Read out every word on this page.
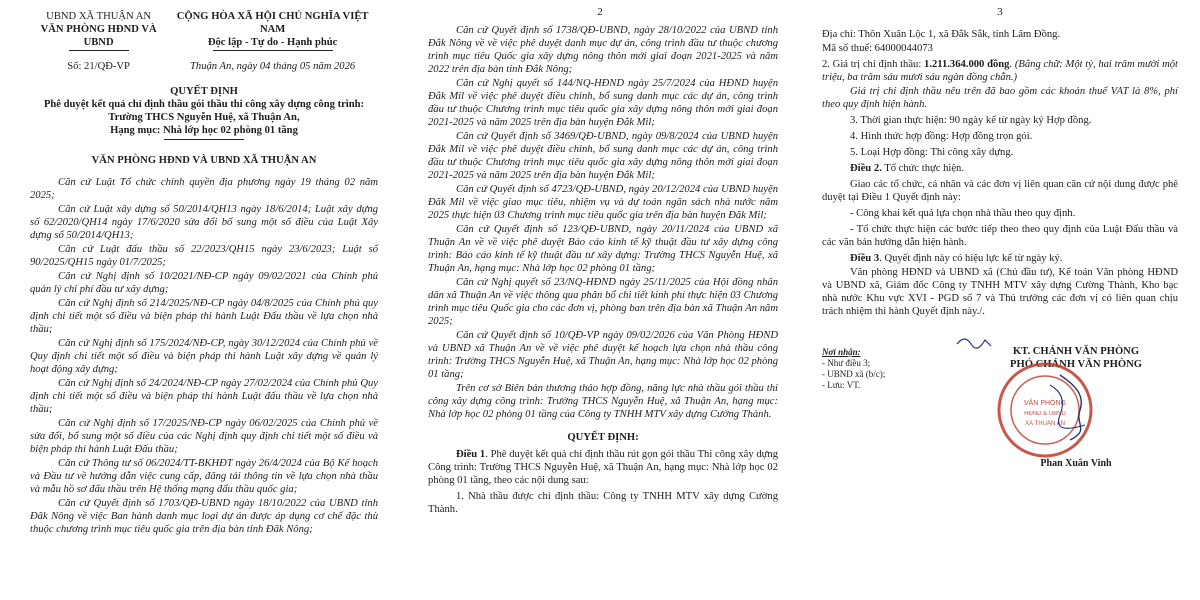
UBND XÃ THUẬN AN
VĂN PHÒNG HĐND VÀ UBND
CỘNG HÒA XÃ HỘI CHỦ NGHĨA VIỆT NAM
Độc lập - Tự do - Hạnh phúc
Số: 21/QĐ-VP	Thuận An, ngày 04 tháng 05 năm 2026
QUYẾT ĐỊNH
Phê duyệt kết quả chỉ định thầu gói thầu thi công xây dựng công trình:
Trường THCS Nguyễn Huệ, xã Thuận An,
Hạng mục: Nhà lớp học 02 phòng 01 tầng
VĂN PHÒNG HĐND VÀ UBND XÃ THUẬN AN

Căn cứ Luật Tổ chức chính quyền địa phương ngày 19 tháng 02 năm 2025;

Căn cứ Luật xây dựng số 50/2014/QH13 ngày 18/6/2014; Luật xây dựng số 62/2020/QH14 ngày 17/6/2020 sửa đổi bổ sung một số điều của Luật Xây dựng số 50/2014/QH13;

Căn cứ Luật đấu thầu số 22/2023/QH15 ngày 23/6/2023; Luật số 90/2025/QH15 ngày 01/7/2025;

Căn cứ Nghị định số 10/2021/NĐ-CP ngày 09/02/2021 của Chính phủ quản lý chi phí đầu tư xây dựng;

Căn cứ Nghị định số 214/2025/NĐ-CP ngày 04/8/2025 của Chính phủ quy định chi tiết một số điều và biện pháp thi hành Luật Đấu thầu về lựa chọn nhà thầu;

Căn cứ Nghị định số 175/2024/NĐ-CP, ngày 30/12/2024 của Chính phủ về Quy định chi tiết một số điều và biện pháp thi hành Luật xây dựng về quản lý hoạt động xây dựng;

Căn cứ Nghị định số 24/2024/NĐ-CP ngày 27/02/2024 của Chính phủ Quy định chi tiết một số điều và biện pháp thi hành Luật đấu thầu về lựa chọn nhà thầu;

Căn cứ Nghị định số 17/2025/NĐ-CP ngày 06/02/2025 của Chính phủ về sửa đổi, bổ sung một số điều của các Nghị định quy định chi tiết một số điều và biện pháp thi hành Luật Đấu thầu;

Căn cứ Thông tư số 06/2024/TT-BKHĐT ngày 26/4/2024 của Bộ Kế hoạch và Đầu tư về hướng dẫn việc cung cấp, đăng tải thông tin về lựa chọn nhà thầu và mẫu hồ sơ đấu thầu trên Hệ thống mạng đấu thầu quốc gia;

Căn cứ Quyết định số 1703/QĐ-UBND ngày 18/10/2022 của UBND tỉnh Đăk Nông về việc Ban hành danh mục loại dự án được áp dụng cơ chế đặc thù thuộc chương trình mục tiêu quốc gia trên địa bàn tỉnh Đăk Nông;

2

Căn cứ Quyết định số 1738/QĐ-UBND, ngày 28/10/2022 của UBND tỉnh Đắk Nông về về việc phê duyệt danh mục dự án, công trình đầu tư thuộc chương trình mục tiêu Quốc gia xây dựng nông thôn mới giai đoạn 2021-2025 và năm 2022 trên địa bàn tỉnh Đắk Nông;

Căn cứ Nghị quyết số 144/NQ-HĐND ngày 25/7/2024 của HĐND huyện Đắk Mil về việc phê duyệt điều chỉnh, bổ sung danh mục các dự án, công trình đầu tư thuộc Chương trình mục tiêu quốc gia xây dựng nông thôn mới giai đoạn 2021-2025 và năm 2025 trên địa bàn huyện Đắk Mil;

Căn cứ Quyết định số 3469/QĐ-UBND, ngày 09/8/2024 của UBND huyện Đắk Mil về việc phê duyệt điều chỉnh, bổ sung danh mục các dự án, công trình đầu tư thuộc Chương trình mục tiêu quốc gia xây dựng nông thôn mới giai đoạn 2021-2025 và năm 2025 trên địa bàn huyện Đắk Mil;

Căn cứ Quyết định số 4723/QĐ-UBND, ngày 20/12/2024 của UBND huyện Đăk Mil về việc giao mục tiêu, nhiệm vụ và dự toán ngân sách nhà nước năm 2025 thực hiện 03 Chương trình mục tiêu quốc gia trên địa bàn huyện Đăk Mil;

Căn cứ Quyết định số 123/QĐ-UBND, ngày 20/11/2024 của UBND xã Thuận An về về việc phê duyệt Báo cáo kinh tế kỹ thuật đầu tư xây dựng công trình: Báo cáo kinh tế kỹ thuật đầu tư xây dựng: Trường THCS Nguyễn Huệ, xã Thuận An, hạng mục: Nhà lớp học 02 phòng 01 tầng;

Căn cứ Nghị quyết số 23/NQ-HĐND ngày 25/11/2025 của Hội đồng nhân dân xã Thuận An về việc thông qua phân bổ chi tiết kinh phí thực hiện 03 Chương trình mục tiêu Quốc gia cho các đơn vị, phòng ban trên địa bàn xã Thuận An năm 2025;

Căn cứ Quyết định số 10/QĐ-VP ngày 09/02/2026 của Văn Phòng HĐND và UBND xã Thuận An về về việc phê duyệt kế hoạch lựa chọn nhà thầu công trình: Trường THCS Nguyễn Huệ, xã Thuận An, hạng mục: Nhà lớp học 02 phòng 01 tầng;

Trên cơ sở Biên bản thương thảo hợp đồng, năng lực nhà thầu gói thầu thi công xây dựng công trình: Trường THCS Nguyễn Huệ, xã Thuận An, hạng mục: Nhà lớp học 02 phòng 01 tầng của Công ty TNHH MTV xây dựng Cường Thành.

QUYẾT ĐỊNH:

Điều 1. Phê duyệt kết quả chỉ định thầu rút gọn gói thầu Thi công xây dựng Công trình: Trường THCS Nguyễn Huệ, xã Thuận An, hạng mục: Nhà lớp học 02 phòng 01 tầng, theo các nội dung sau:

1. Nhà thầu được chỉ định thầu: Công ty TNHH MTV xây dựng Cường Thành.

3

Địa chỉ: Thôn Xuân Lộc 1, xã Đắk Sắk, tỉnh Lâm Đồng.

Mã số thuế: 64000044073

2. Giá trị chỉ định thầu: 1.211.364.000 đồng. (Bằng chữ: Một tỷ, hai trăm mười một triệu, ba trăm sáu mươi sáu ngàn đồng chẵn.)

Giá trị chỉ định thầu nêu trên đã bao gồm các khoản thuế VAT là 8%, phí theo quy định hiện hành.

3. Thời gian thực hiện: 90 ngày kể từ ngày ký Hợp đồng.

4. Hình thức hợp đồng: Hợp đồng trọn gói.

5. Loại Hợp đồng: Thi công xây dựng.

Điều 2. Tổ chức thực hiện.

Giao các tổ chức, cá nhân và các đơn vị liên quan căn cứ nội dung được phê duyệt tại Điều 1 Quyết định này:

- Công khai kết quả lựa chọn nhà thầu theo quy định.

- Tổ chức thực hiện các bước tiếp theo theo quy định của Luật Đấu thầu và các văn bản hướng dẫn hiện hành.

Điều 3. Quyết định này có hiệu lực kể từ ngày ký.

Văn phòng HĐND và UBND xã (Chủ đầu tư), Kế toán Văn phòng HĐND và UBND xã, Giám đốc Công ty TNHH MTV xây dựng Cường Thành, Kho bạc nhà nước Khu vực XVI - PGD số 7 và Thủ trưởng các đơn vị có liên quan chịu trách nhiệm thi hành Quyết định này./.

Nơi nhận:
- Như điều 3;
- UBND xã (b/c);
- Lưu: VT.
KT. CHÁNH VĂN PHÒNG
PHÓ CHÁNH VĂN PHÒNG
Phan Xuân Vinh
VĂN PHÒNG
HĐND & UBND
XÃ THUẬN AN
